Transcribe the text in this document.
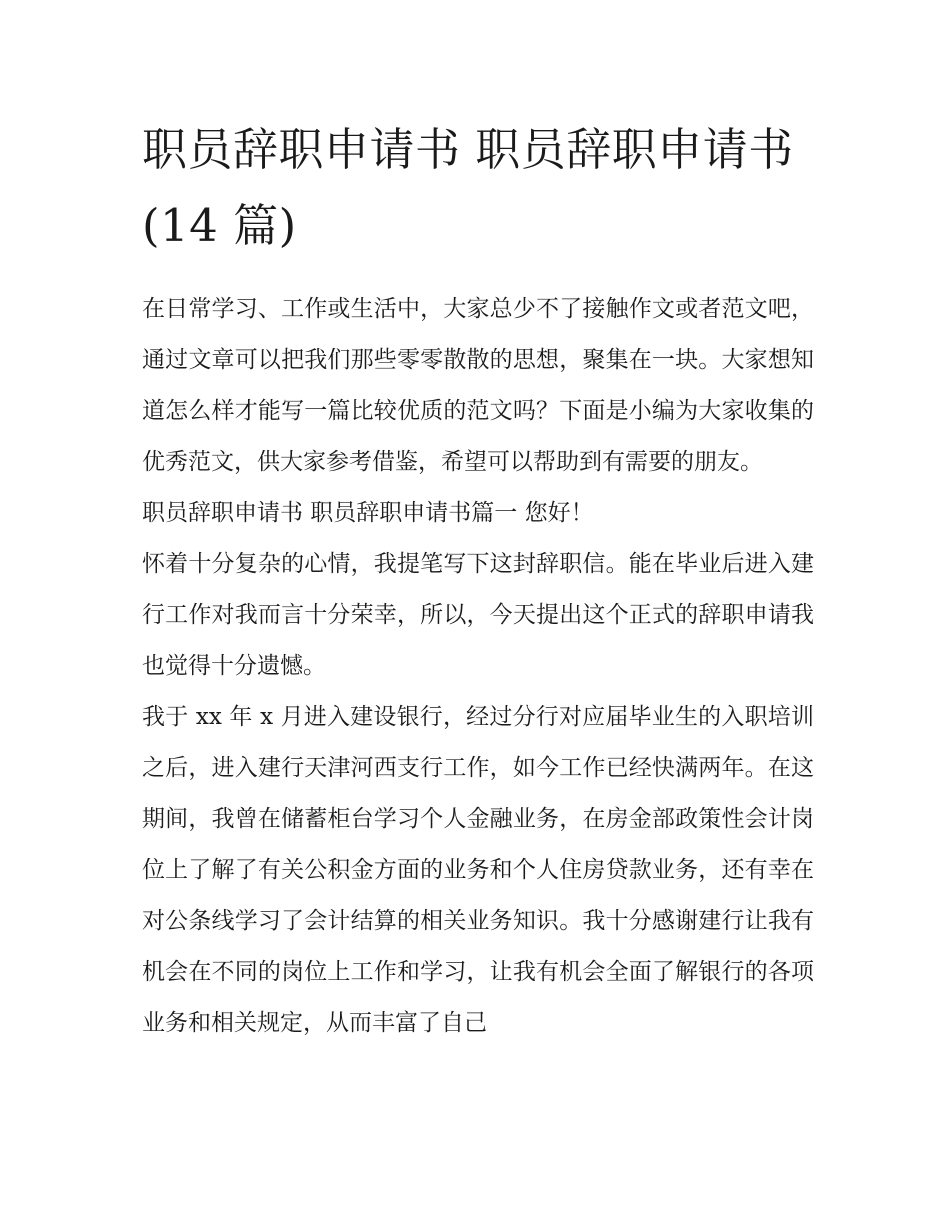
职员辞职申请书 职员辞职申请书(14 篇)

在日常学习、工作或生活中，大家总少不了接触作文或者范文吧，通过文章可以把我们那些零零散散的思想，聚集在一块。大家想知道怎么样才能写一篇比较优质的范文吗？下面是小编为大家收集的优秀范文，供大家参考借鉴，希望可以帮助到有需要的朋友。

职员辞职申请书 职员辞职申请书篇一 您好！

怀着十分复杂的心情，我提笔写下这封辞职信。能在毕业后进入建行工作对我而言十分荣幸，所以，今天提出这个正式的辞职申请我也觉得十分遗憾。

我于 xx 年 x 月进入建设银行，经过分行对应届毕业生的入职培训之后，进入建行天津河西支行工作，如今工作已经快满两年。在这期间，我曾在储蓄柜台学习个人金融业务，在房金部政策性会计岗位上了解了有关公积金方面的业务和个人住房贷款业务，还有幸在对公条线学习了会计结算的相关业务知识。我十分感谢建行让我有机会在不同的岗位上工作和学习，让我有机会全面了解银行的各项业务和相关规定，从而丰富了自己
